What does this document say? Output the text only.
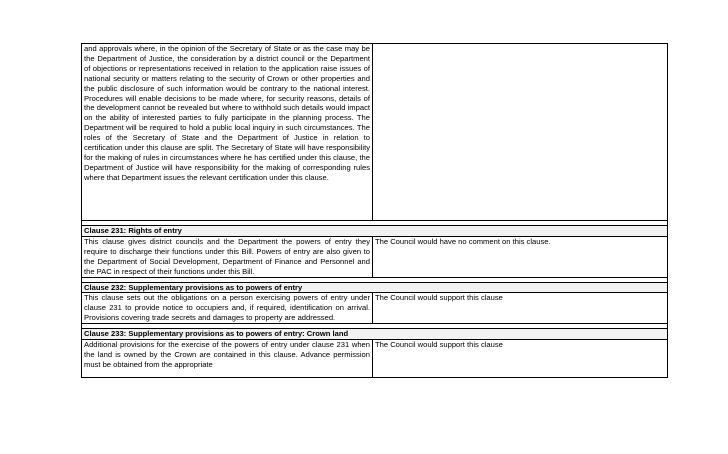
and approvals where, in the opinion of the Secretary of State or as the case may be the Department of Justice, the consideration by a district council or the Department of objections or representations received in relation to the application raise issues of national security or matters relating to the security of Crown or other properties and the public disclosure of such information would be contrary to the national interest. Procedures will enable decisions to be made where, for security reasons, details of the development cannot be revealed but where to withhold such details would impact on the ability of interested parties to fully participate in the planning process. The Department will be required to hold a public local inquiry in such circumstances. The roles of the Secretary of State and the Department of Justice in relation to certification under this clause are split. The Secretary of State will have responsibility for the making of rules in circumstances where he has certified under this clause, the Department of Justice will have responsibility for the making of corresponding rules where that Department issues the relevant certification under this clause.	

Clause 231: Rights of entry	
This clause gives district councils and the Department the powers of entry they require to discharge their functions under this Bill. Powers of entry are also given to the Department of Social Development, Department of Finance and Personnel and the PAC in respect of their functions under this Bill.	The Council would have no comment on this clause.

Clause 232: Supplementary provisions as to powers of entry	
This clause sets out the obligations on a person exercising powers of entry under clause 231 to provide notice to occupiers and, if required, identification on arrival. Provisions covering trade secrets and damages to property are addressed.	The Council would support this clause

Clause 233: Supplementary provisions as to powers of entry: Crown land	
Additional provisions for the exercise of the powers of entry under clause 231 when the land is owned by the Crown are contained in this clause. Advance permission must be obtained from the appropriate	The Council would support this clause
